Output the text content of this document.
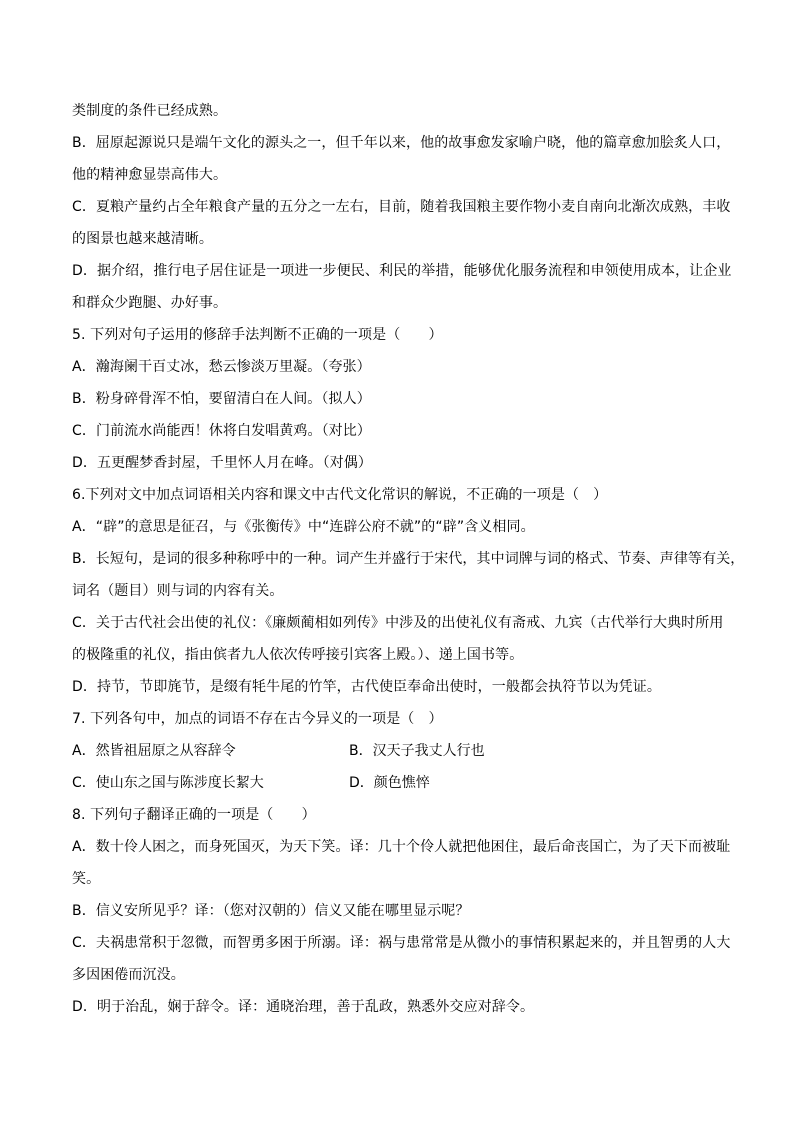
类制度的条件已经成熟。
B．屈原起源说只是端午文化的源头之一，但千年以来，他的故事愈发家喻户晓，他的篇章愈加脍炙人口，
他的精神愈显崇高伟大。
C．夏粮产量约占全年粮食产量的五分之一左右，目前，随着我国粮主要作物小麦自南向北渐次成熟，丰收
的图景也越来越清晰。
D．据介绍，推行电子居住证是一项进一步便民、利民的举措，能够优化服务流程和申领使用成本，让企业
和群众少跑腿、办好事。
5. 下列对句子运用的修辞手法判断不正确的一项是（　　）
A．瀚海阑干百丈冰，愁云惨淡万里凝。（夸张）
B．粉身碎骨浑不怕，要留清白在人间。（拟人）
C．门前流水尚能西！休将白发唱黄鸡。（对比）
D．五更醒梦香封屋，千里怀人月在峰。（对偶）
6.下列对文中加点词语相关内容和课文中古代文化常识的解说，不正确的一项是（　）
A．“辟”的意思是征召，与《张衡传》中“连辟公府不就”的“辟”含义相同。
B．长短句，是词的很多种称呼中的一种。词产生并盛行于宋代，其中词牌与词的格式、节奏、声律等有关，
词名（题目）则与词的内容有关。
C．关于古代社会出使的礼仪：《廉颇蔺相如列传》中涉及的出使礼仪有斋戒、九宾（古代举行大典时所用
的极隆重的礼仪，指由傧者九人依次传呼接引宾客上殿。）、递上国书等。
D．持节，节即旄节，是缀有牦牛尾的竹竿，古代使臣奉命出使时，一般都会执符节以为凭证。
7. 下列各句中，加点的词语不存在古今异义的一项是（　）
A．然皆祖屈原之从容辞令	B．汉天子我丈人行也
C．使山东之国与陈涉度长絜大	D．颜色憔悴
8. 下列句子翻译正确的一项是（　　）
A．数十伶人困之，而身死国灭，为天下笑。译：几十个伶人就把他困住，最后命丧国亡，为了天下而被耻
笑。
B．信义安所见乎？译：（您对汉朝的）信义又能在哪里显示呢？
C．夫祸患常积于忽微，而智勇多困于所溺。译：祸与患常常是从微小的事情积累起来的，并且智勇的人大
多因困倦而沉没。
D．明于治乱，娴于辞令。译：通晓治理，善于乱政，熟悉外交应对辞令。
